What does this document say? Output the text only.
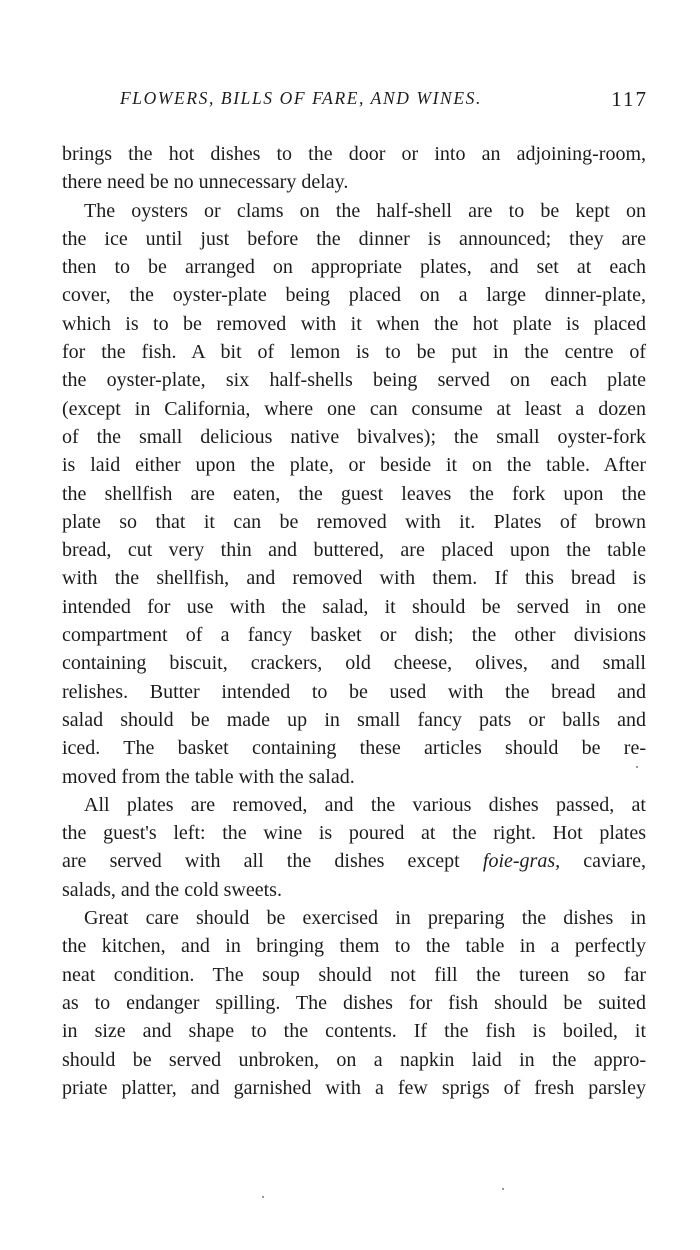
FLOWERS, BILLS OF FARE, AND WINES.	117
brings the hot dishes to the door or into an adjoining-room,
there need be no unnecessary delay.
The oysters or clams on the half-shell are to be kept on
the ice until just before the dinner is announced; they are
then to be arranged on appropriate plates, and set at each
cover, the oyster-plate being placed on a large dinner-plate,
which is to be removed with it when the hot plate is placed
for the fish. A bit of lemon is to be put in the centre of
the oyster-plate, six half-shells being served on each plate
(except in California, where one can consume at least a dozen
of the small delicious native bivalves); the small oyster-fork
is laid either upon the plate, or beside it on the table. After
the shellfish are eaten, the guest leaves the fork upon the
plate so that it can be removed with it. Plates of brown
bread, cut very thin and buttered, are placed upon the table
with the shellfish, and removed with them. If this bread is
intended for use with the salad, it should be served in one
compartment of a fancy basket or dish; the other divisions
containing biscuit, crackers, old cheese, olives, and small
relishes. Butter intended to be used with the bread and
salad should be made up in small fancy pats or balls and
iced. The basket containing these articles should be re-
moved from the table with the salad.
All plates are removed, and the various dishes passed, at
the guest's left: the wine is poured at the right. Hot plates
are served with all the dishes except foie-gras, caviare,
salads, and the cold sweets.
Great care should be exercised in preparing the dishes in
the kitchen, and in bringing them to the table in a perfectly
neat condition. The soup should not fill the tureen so far
as to endanger spilling. The dishes for fish should be suited
in size and shape to the contents. If the fish is boiled, it
should be served unbroken, on a napkin laid in the appro-
priate platter, and garnished with a few sprigs of fresh parsley
